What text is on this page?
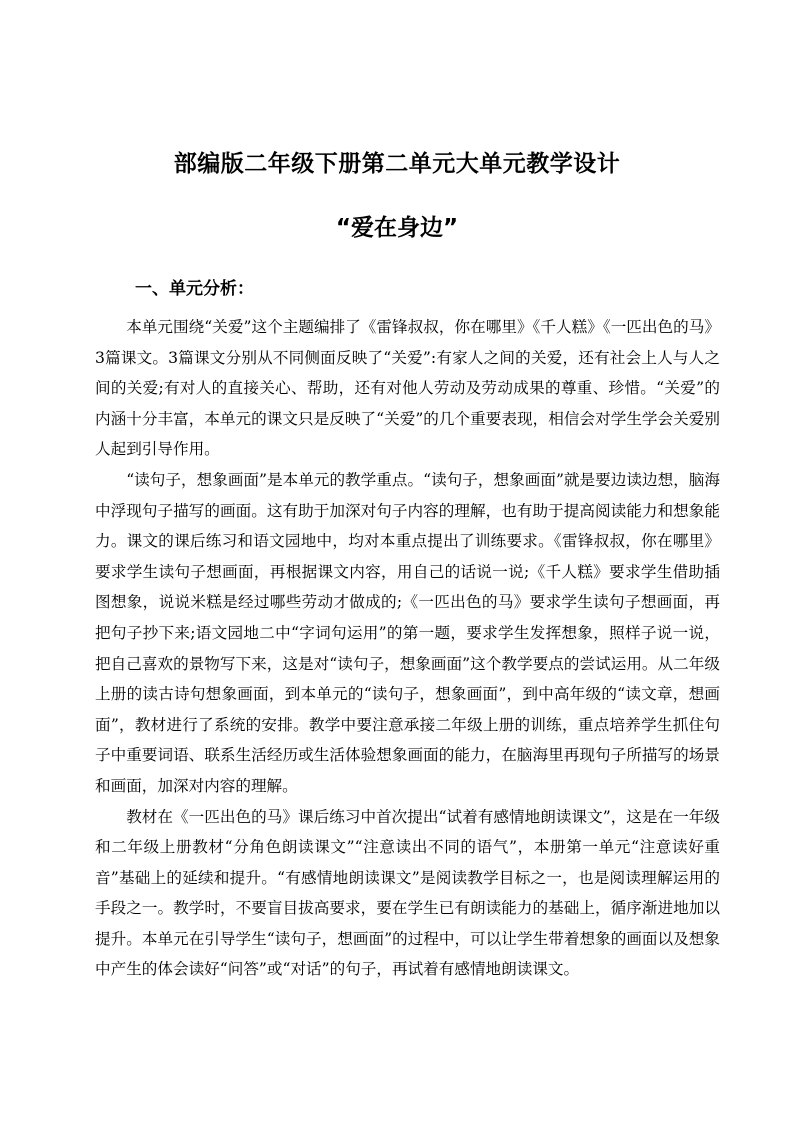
部编版二年级下册第二单元大单元教学设计
“爱在身边”
一、单元分析：

本单元围绕“关爱”这个主题编排了《雷锋叔叔，你在哪里》《千人糕》《一匹出色的马》3篇课文。3篇课文分别从不同侧面反映了“关爱”:有家人之间的关爱，还有社会上人与人之间的关爱;有对人的直接关心、帮助，还有对他人劳动及劳动成果的尊重、珍惜。“关爱”的内涵十分丰富，本单元的课文只是反映了“关爱”的几个重要表现，相信会对学生学会关爱别人起到引导作用。

“读句子，想象画面”是本单元的教学重点。“读句子，想象画面”就是要边读边想，脑海中浮现句子描写的画面。这有助于加深对句子内容的理解，也有助于提高阅读能力和想象能力。课文的课后练习和语文园地中，均对本重点提出了训练要求。《雷锋叔叔，你在哪里》要求学生读句子想画面，再根据课文内容，用自己的话说一说;《千人糕》要求学生借助插图想象，说说米糕是经过哪些劳动才做成的;《一匹出色的马》要求学生读句子想画面，再把句子抄下来;语文园地二中“字词句运用”的第一题，要求学生发挥想象，照样子说一说，把自己喜欢的景物写下来，这是对“读句子，想象画面”这个教学要点的尝试运用。从二年级上册的读古诗句想象画面，到本单元的“读句子，想象画面”，到中高年级的“读文章，想画面”，教材进行了系统的安排。教学中要注意承接二年级上册的训练，重点培养学生抓住句子中重要词语、联系生活经历或生活体验想象画面的能力，在脑海里再现句子所描写的场景和画面，加深对内容的理解。

教材在《一匹出色的马》课后练习中首次提出“试着有感情地朗读课文”，这是在一年级和二年级上册教材“分角色朗读课文”“注意读出不同的语气”，本册第一单元“注意读好重音”基础上的延续和提升。“有感情地朗读课文”是阅读教学目标之一，也是阅读理解运用的手段之一。教学时，不要盲目拔高要求，要在学生已有朗读能力的基础上，循序渐进地加以提升。本单元在引导学生“读句子，想画面”的过程中，可以让学生带着想象的画面以及想象中产生的体会读好“问答”或“对话”的句子，再试着有感情地朗读课文。
